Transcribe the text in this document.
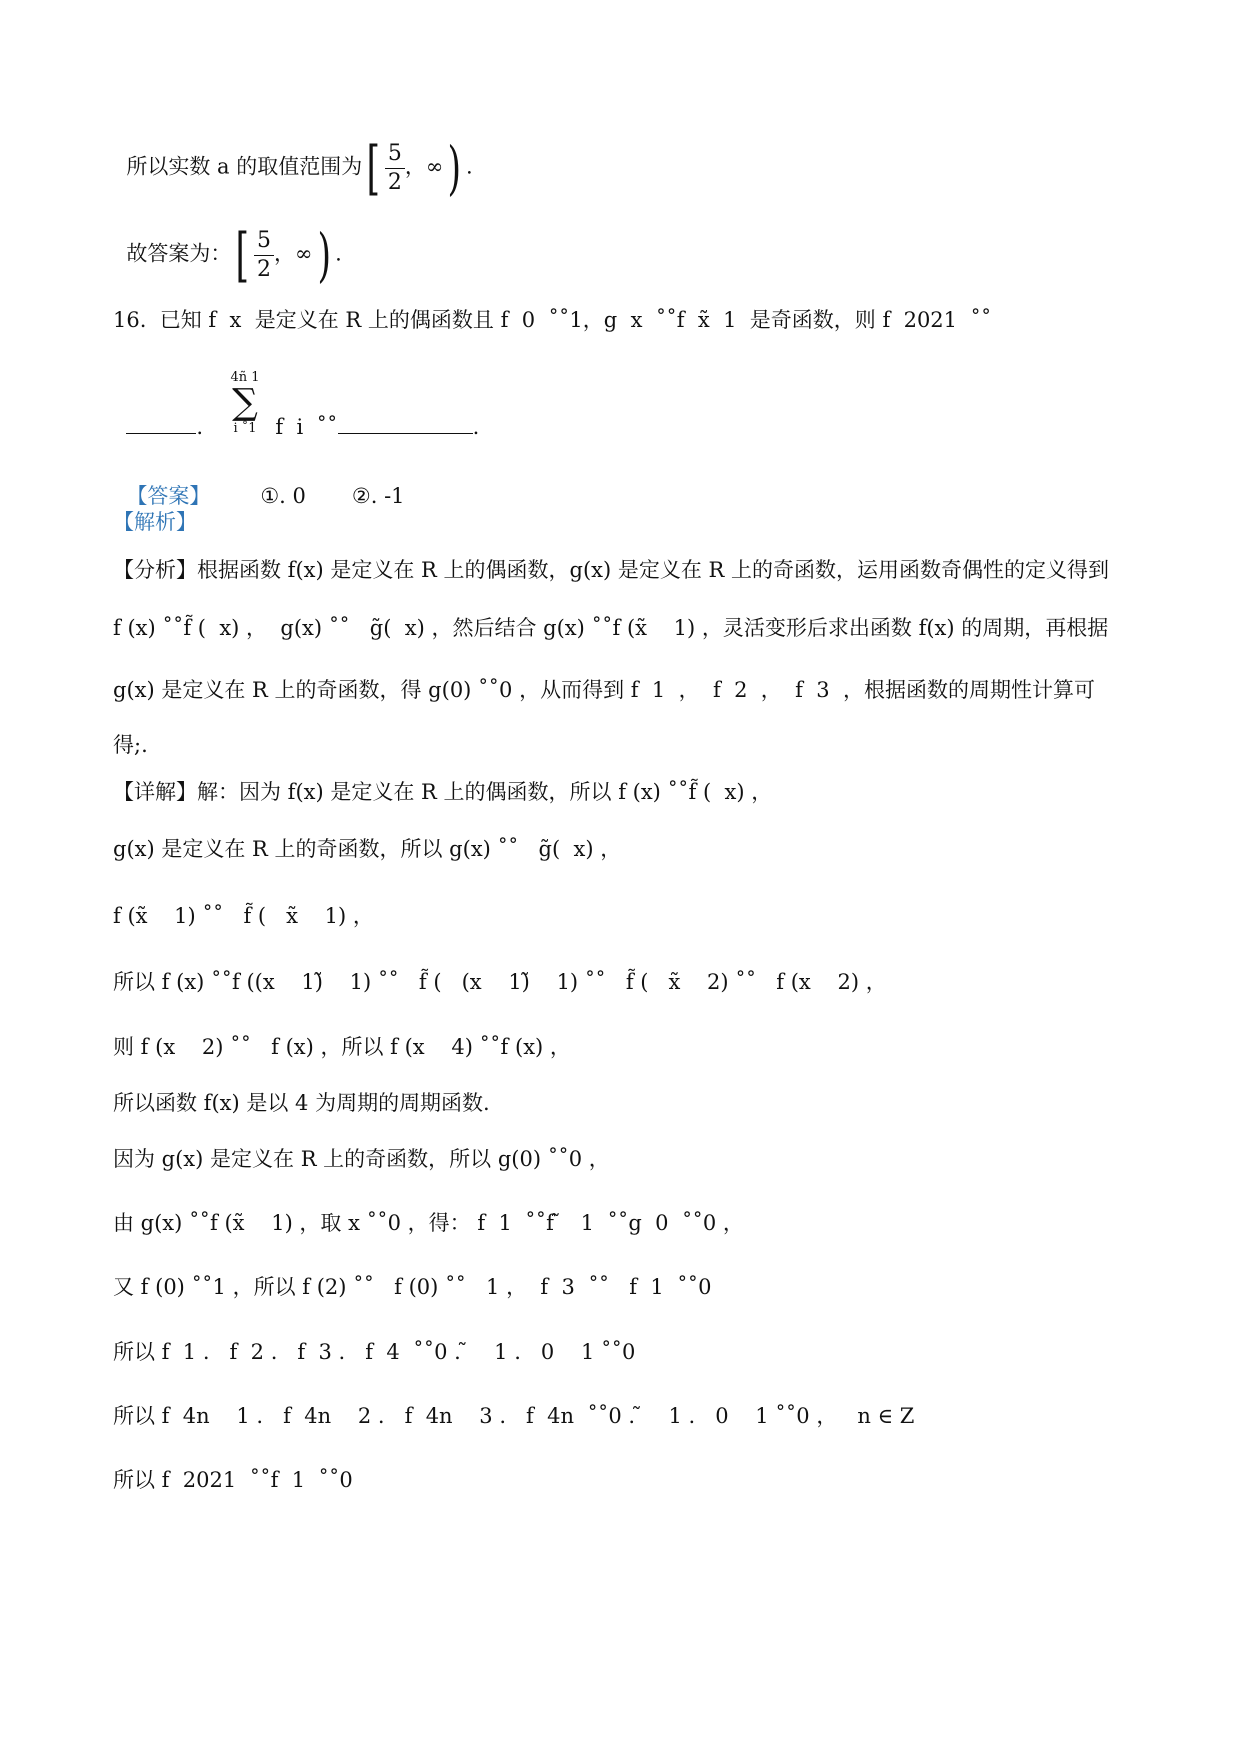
所以实数 a 的取值范围为[ $\frac{5}{2}$ ，∞) .

故答案为：[ $\frac{5}{2}$ ，∞) .

16.  已知 f  x  是定义在 R 上的偶函数且 f  0  ˚˚1，g  x  ˚˚f  x̃  1  是奇函数，则 f  2021  ˚˚

.

4ñ 1
∑
i ˚1 f  i  ˚˚	.

【答案】 ①. 0 ②. -1

【解析】
【分析】根据函数 f(x) 是定义在 R 上的偶函数，g(x) 是定义在 R 上的奇函数，运用函数奇偶性的定义得到
f (x) ˚˚f̃ (  x) ，  g(x) ˚˚   g̃(  x) ，然后结合 g(x) ˚˚f (x̃    1) ，灵活变形后求出函数 f(x) 的周期，再根据
g(x) 是定义在 R 上的奇函数，得 g(0) ˚˚0 ，从而得到 f  1  ，  f  2  ，  f  3  ，根据函数的周期性计算可
得;.
【详解】解：因为 f(x) 是定义在 R 上的偶函数，所以 f (x) ˚˚f̃ (  x) ，
g(x) 是定义在 R 上的奇函数，所以 g(x) ˚˚   g̃(  x) ，
f (x̃    1) ˚˚   f̃ (   x̃    1) ，
所以 f (x) ˚˚f ((x    1)̃    1) ˚˚   f̃ (   (x    1)̃    1) ˚˚   f̃ (   x̃    2) ˚˚   f (x    2) ，
则 f (x    2) ˚˚   f (x) ，所以 f (x    4) ˚˚f (x) ，
所以函数 f(x) 是以 4 为周期的周期函数.
因为 g(x) 是定义在 R 上的奇函数，所以 g(0) ˚˚0 ，
由 g(x) ˚˚f (x̃    1) ，取 x ˚˚0 ，得： f  1  ˚˚f ̃   1  ˚˚g  0  ˚˚0 ，
又 f (0) ˚˚1 ，所以 f (2) ˚˚   f (0) ˚˚   1 ，  f  3  ˚˚   f  1  ˚˚0
所以 f  1 .   f  2 .   f  3 .   f  4  ˚˚0 . ̃    1 .   0    1 ˚˚0
所以 f  4n    1 .   f  4n    2 .   f  4n    3 .   f  4n  ˚˚0 . ̃    1 .   0    1 ˚˚0 ，   n ∈ Z
所以 f  2021  ˚˚f  1  ˚˚0
